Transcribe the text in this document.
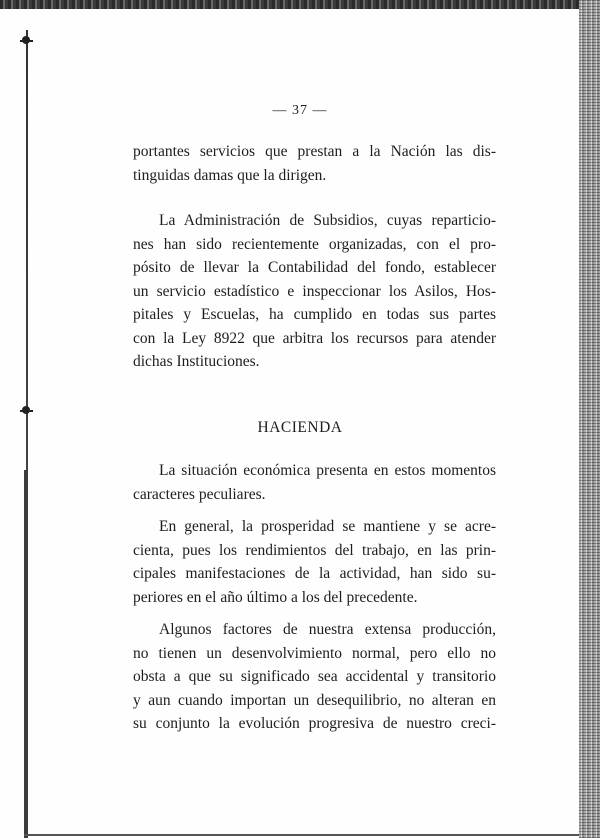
— 37 —
portantes servicios que prestan a la Nación las dis-
tinguidas damas que la dirigen.
La Administración de Subsidios, cuyas reparticio-
nes han sido recientemente organizadas, con el pro-
pósito de llevar la Contabilidad del fondo, establecer
un servicio estadístico e inspeccionar los Asilos, Hos-
pitales y Escuelas, ha cumplido en todas sus partes
con la Ley 8922 que arbitra los recursos para atender
dichas Instituciones.
HACIENDA

La situación económica presenta en estos momentos
caracteres peculiares.

En general, la prosperidad se mantiene y se acre-
cienta, pues los rendimientos del trabajo, en las prin-
cipales manifestaciones de la actividad, han sido su-
periores en el año último a los del precedente.

Algunos factores de nuestra extensa producción,
no tienen un desenvolvimiento normal, pero ello no
obsta a que su significado sea accidental y transitorio
y aun cuando importan un desequilibrio, no alteran en
su conjunto la evolución progresiva de nuestro creci-
